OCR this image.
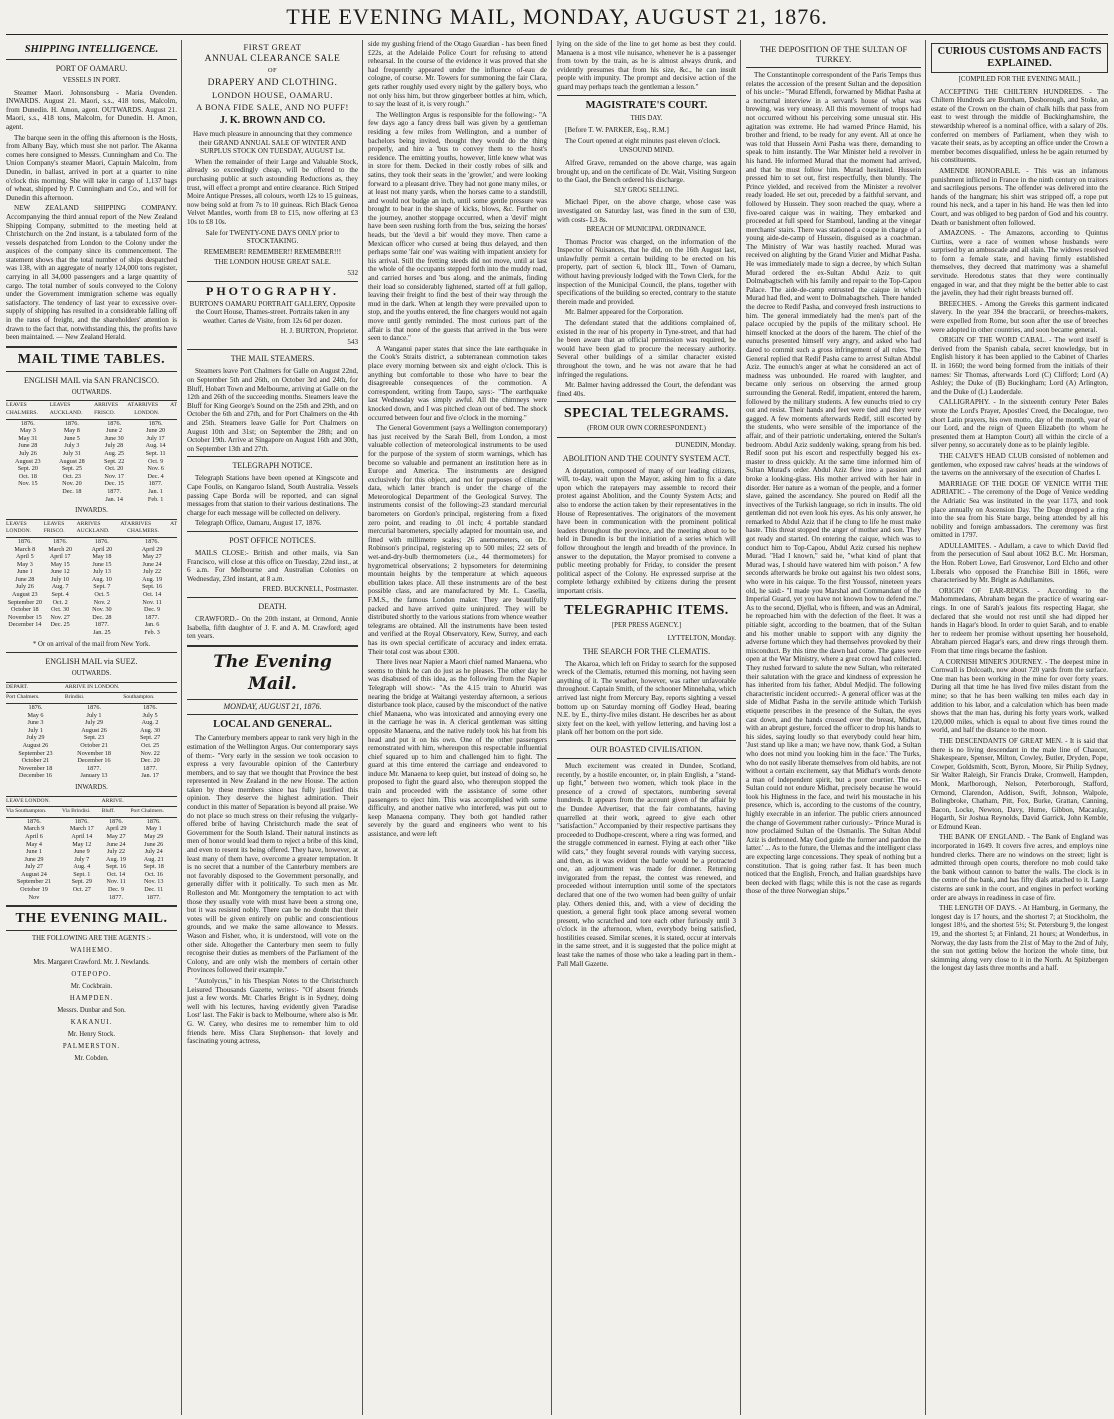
THE EVENING MAIL, MONDAY, AUGUST 21, 1876.
SHIPPING INTELLIGENCE.
PORT OF OAMARU.
VESSELS IN PORT.

Steamer Maori. Johnsonsburg - Maria Ovenden. INWARDS. August 21. Maori, s.s., 418 tons, Malcolm, from Dunedin. H. Amon, agent. OUTWARDS. August 21. Maori, s.s., 418 tons, Malcolm, for Dunedin. H. Amon, agent.

The barque seen in the offing this afternoon is the Hosts, from Albany Bay, which must she not parlor. The Akanna comes here consigned to Messrs. Cunningham and Co. The Union Company's steamer Maori, Captain Malcolm, from Dunedin, in ballast, arrived in port at a quarter to nine o'clock this morning. She will take in cargo of 1,137 bags of wheat, shipped by P. Cunningham and Co., and will for Dunedin this afternoon.

NEW ZEALAND SHIPPING COMPANY. Accompanying the third annual report of the New Zealand Shipping Company, submitted to the meeting held at Christchurch on the 2nd instant, is a tabulated form of the vessels despatched from London to the Colony under the auspices of the company since its commencement. The statement shows that the total number of ships despatched was 138, with an aggregate of nearly 124,000 tons register, carrying in all 34,000 passengers and a large quantity of cargo. The total number of souls conveyed to the Colony under the Government immigration scheme was equally satisfactory. The tendency of last year to excessive over-supply of shipping has resulted in a considerable falling off in the rates of freight, and the shareholders' attention is drawn to the fact that, notwithstanding this, the profits have been maintained. — New Zealand Herald.

MAIL TIME TABLES.
ENGLISH MAIL via SAN FRANCISCO.
OUTWARDS.
LEAVES CHALMERS.	LEAVES AUCKLAND.	ARRIVES AT FRISCO.	ARRIVES AT LONDON.
1876.	1876.	1876.	1876.
May 3	May 8	June 2	June 20
May 31	June 5	June 30	July 17
June 28	July 3	July 28	Aug. 14
July 26	July 31	Aug. 25	Sept. 11
August 23	August 28	Sept. 22	Oct. 9
Sept. 20	Sept. 25	Oct. 20	Nov. 6
Oct. 18	Oct. 23	Nov. 17	Dec. 4
Nov. 15	Nov. 20	Dec. 15	1877.
	Dec. 18	1877.	Jan. 1
		Jan. 14	Feb. 1
INWARDS.
LEAVES LONDON.	LEAVES FRISCO.	ARRIVES AT AUCKLAND.	ARRIVES AT CHALMERS.
1876.	1876.	1876.	1876.
March 8	March 20	April 20	April 29
April 5	April 17	May 18	May 27
May 3	May 15	June 15	June 24
June 1	June 12	July 13	July 22
June 28	July 10	Aug. 10	Aug. 19
July 26	Aug. 7	Sept. 7	Sept. 16
August 23	Sept. 4	Oct. 5	Oct. 14
September 20	Oct. 2	Nov. 2	Nov. 11
October 18	Oct. 30	Nov. 30	Dec. 9
November 15	Nov. 27	Dec. 28	1877.
December 14	Dec. 25	1877.	Jan. 6
		Jan. 25	Feb. 3
* Or on arrival of the mail from New York.
ENGLISH MAIL via SUEZ.
OUTWARDS.
DEPART.	ARRIVE IN LONDON.	
Port Chalmers.	Brindisi.	Southampton.
1876.	1876.	1876.
May 6	July 1	July 5
June 3	July 29	Aug. 2
July 1	August 26	Aug. 30
July 29	Sept. 23	Sept. 27
August 26	October 21	Oct. 25
September 23	November 18	Nov. 22
October 21	December 16	Dec. 20
November 18	1877.	1877.
December 16	January 13	Jan. 17
INWARDS.
LEAVE LONDON.		ARRIVE.	
Via Southampton.	Via Brindisi.	Bluff.	Port Chalmers.
1876.	1876.	1876.	1876.
March 9	March 17	April 29	May 1
April 6	April 14	May 27	May 29
May 4	May 12	June 24	June 26
June 1	June 9	July 22	July 24
June 29	July 7	Aug. 19	Aug. 21
July 27	Aug. 4	Sept. 16	Sept. 18
August 24	Sept. 1	Oct. 14	Oct. 16
September 21	Sept. 29	Nov. 11	Nov. 13
October 19	Oct. 27	Dec. 9	Dec. 11
Nov		1877.	1877.
THE EVENING MAIL.
THE FOLLOWING ARE THE AGENTS :-
WAIHEMO.
Mrs. Margaret Crawford. Mr. J. Newlands.
OTEPOPO.
Mr. Cockbrain.
HAMPDEN.
Messrs. Dunbar and Son.
KAKANUI.
Mr. Henry Stock.
PALMERSTON.
Mr. Cobden.
FIRST GREAT
ANNUAL CLEARANCE SALE
OF
DRAPERY AND CLOTHING.
LONDON HOUSE, OAMARU.
A BONA FIDE SALE, AND NO PUFF!
J. K. BROWN AND CO.

Have much pleasure in announcing that they commence their GRAND ANNUAL SALE OF WINTER AND SURPLUS STOCK ON TUESDAY, AUGUST 1st.

When the remainder of their Large and Valuable Stock, already so exceedingly cheap, will be offered to the purchasing public at such astounding Reductions as, they trust, will effect a prompt and entire clearance. Rich Striped Moire Antique Presses, all colours, worth 12s to 15 guineas, now being sold at from 7s to 10 guineas. Rich Black Genoa Velvet Mantles, worth from £8 to £15, now offering at £3 10s to £8 10s.

Sale for TWENTY-ONE DAYS ONLY prior to STOCKTAKING.

REMEMBER! REMEMBER!! REMEMBER!!!

THE LONDON HOUSE GREAT SALE.

532

PHOTOGRAPHY.

BURTON'S OAMARU PORTRAIT GALLERY, Opposite the Court House, Thames-street. Portraits taken in any weather. Cartes de Visite, from 12s 6d per dozen.

H. J. BURTON, Proprietor.

543

THE MAIL STEAMERS.

Steamers leave Port Chalmers for Galle on August 22nd, on September 5th and 26th, on October 3rd and 24th, for Bluff, Hobart Town and Melbourne, arriving at Galle on the 12th and 26th of the succeeding months. Steamers leave the Bluff for King George's Sound on the 25th and 29th, and on October the 6th and 27th, and for Port Chalmers on the 4th and 25th. Steamers leave Galle for Port Chalmers on August 10th and 31st; on September the 28th; and on October 19th. Arrive at Singapore on August 16th and 30th, on September 13th and 27th.

TELEGRAPH NOTICE.

Telegraph Stations have been opened at Kingscote and Cape Foulis, on Kangaroo Island, South Australia. Vessels passing Cape Borda will be reported, and can signal messages from that station to their various destinations. The charge for each message will be collected on delivery.

Telegraph Office, Oamaru, August 17, 1876.

POST OFFICE NOTICES.

MAILS CLOSE:- British and other mails, via San Francisco, will close at this office on Tuesday, 22nd inst., at 6 a.m. For Melbourne and Australian Colonies on Wednesday, 23rd instant, at 8 a.m.

FRED. BUCKNELL, Postmaster.

DEATH.

CRAWFORD.- On the 20th instant, at Ormond, Annie Isabella, fifth daughter of J. F. and A. M. Crawford; aged ten years.

The Evening Mail.
MONDAY, AUGUST 21, 1876.
LOCAL AND GENERAL.

The Canterbury members appear to rank very high in the estimation of the Wellington Argus. Our contemporary says of them:- "Very early in the session we took occasion to express a very favourable opinion of the Canterbury members, and to say that we thought that Province the best represented in New Zealand in the new House. The action taken by these members since has fully justified this opinion. They deserve the highest admiration. Their conduct in this matter of Separation is beyond all praise. We do not place so much stress on their refusing the vulgarly-offered bribe of having Christchurch made the seat of Government for the South Island. Their natural instincts as men of honor would lead them to reject a bribe of this kind, and even to resent its being offered. They have, however, at least many of them have, overcome a greater temptation. It is no secret that a number of the Canterbury members are not favorably disposed to the Government personally, and generally differ with it politically. To such men as Mr. Rolleston and Mr. Montgomery the temptation to act with those they usually vote with must have been a strong one, but it was resisted nobly. There can be no doubt that their votes will be given entirely on public and conscientious grounds, and we make the same allowance to Messrs. Wason and Fisher, who, it is understood, will vote on the other side. Altogether the Canterbury men seem to fully recognise their duties as members of the Parliament of the Colony, and are only wish the members of certain other Provinces followed their example."

"Autolycus," in his Thespian Notes to the Christchurch Leisured Thousands Gazette, writes:- "Of absent friends just a few words. Mr. Charles Bright is in Sydney, doing well with his lectures, having evidently given 'Paradise Lost' last. The Fakir is back to Melbourne, where also is Mr. G. W. Carey, who desires me to remember him to old friends here. Miss Clara Stephenson- that lovely and fascinating young actress,

side my gushing friend of the Otago Guardian - has been fined £22s, at the Adelaide Police Court for refusing to attend rehearsal. In the course of the evidence it was proved that she had frequently appeared under the influence of-eau de cologne, of course. Mr. Towers for summoning the fair Clara, gets rather roughly used every night by the gallery boys, who not only hiss him, but throw gingerbeer bottles at him, which, to say the least of it, is very rough."

The Wellington Argus is responsible for the following:- "A few days ago a fancy dress ball was given by a gentleman residing a few miles from Wellington, and a number of bachelors being invited, thought they would do the thing properly, and hire a 'bus to convey them to the host's residence. The emitting youths, however, little knew what was in store for them. Decked in their costly robes of silk and satins, they took their seats in the 'growler,' and were looking forward to a pleasant drive. They had not gone many miles, or at least not many yards, when the horses came to a standstill, and would not budge an inch, until some gentle pressure was brought to bear in the shape of kicks, blows, &c. Further on the journey, another stoppage occurred, when a 'devil' might have been seen rushing forth from the 'bus, seizing the horses' heads, but the 'devil a bit' would they move. Then came a Mexican officer who cursed at being thus delayed, and then perhaps some 'fair one' was waiting with impatient anxiety for his arrival. Still the fretting steeds did not move, until at last the whole of the occupants stepped forth into the muddy road, and carried horses and 'bus along, and the animals, finding their load so considerably lightened, started off at full gallop, leaving their freight to find the best of their way through the mud in the dark. When at length they were prevailed upon to stop, and the youths entered, the fine chargers would not again move until gently reminded. The most curious part of the affair is that none of the guests that arrived in the 'bus were seen to dance."

A Wanganui paper states that since the late earthquake in the Cook's Straits district, a subterranean commotion takes place every morning between six and eight o'clock. This is anything but comfortable to those who have to bear the disagreeable consequences of the commotion. A correspondent, writing from Taupo, says:- "The earthquake last Wednesday was simply awful. All the chimneys were knocked down, and I was pitched clean out of bed. The shock occurred between four and five o'clock in the morning."

The General Government (says a Wellington contemporary) has just received by the Sarah Bell, from London, a most valuable collection of meteorological instruments to be used for the purpose of the system of storm warnings, which has become so valuable and permanent an institution here as in Europe and America. The instruments are designed exclusively for this object, and not for purposes of climatic data, which latter branch is under the charge of the Meteorological Department of the Geological Survey. The instruments consist of the following:-23 standard mercurial barometers on Gordon's principal, registering from a fixed zero point, and reading to .01 inch; 4 portable standard mercurial barometers, specially adapted for mountain use, and fitted with millimetre scales; 26 anemometers, on Dr. Robinson's principal, registering up to 500 miles; 22 sets of wet-and-dry-bulb thermometers (i.e., 44 thermometers) for hygrometrical observations; 2 hypsometers for determining mountain heights by the temperature at which aqueous ebullition takes place. All these instruments are of the best possible class, and are manufactured by Mr. L. Casella, F.M.S., the famous London maker. They are beautifully packed and have arrived quite uninjured. They will be distributed shortly to the various stations from whence weather telegrams are obtained. All the instruments have been tested and verified at the Royal Observatory, Kew, Surrey, and each has its own special certificate of accuracy and index errata. Their total cost was about £300.

There lives near Napier a Maori chief named Manaena, who seems to think he can do just as he pleases. The other day he was disabused of this idea, as the following from the Napier Telegraph will show:- "As the 4.15 train to Ahuriri was nearing the bridge at Waitangi yesterday afternoon, a serious disturbance took place, caused by the misconduct of the native chief Manaena, who was intoxicated and annoying every one in the carriage he was in. A clerical gentleman was sitting opposite Manaena, and the native rudely took his hat from his head and put it on his own. One of the other passengers remonstrated with him, whereupon this respectable influential chief squared up to him and challenged him to fight. The guard at this time entered the carriage and endeavored to induce Mr. Manaena to keep quiet, but instead of doing so, he proposed to fight the guard also, who thereupon stopped the train and proceeded with the assistance of some other passengers to eject him. This was accomplished with some difficulty, and another native who interfered, was put out to keep Manaena company. They both got handled rather severely by the guard and engineers who went to his assistance, and were left

lying on the side of the line to get home as best they could. Manaena is a most vile nuisance, whenever he is a passenger from town by the train, as he is almost always drunk, and evidently presumes that from his size, &c., he can insult people with impunity. The prompt and decisive action of the guard may perhaps teach the gentleman a lesson."

MAGISTRATE'S COURT.
THIS DAY.

[Before T. W. PARKER, Esq., R.M.]

The Court opened at eight minutes past eleven o'clock.

UNSOUND MIND.

Alfred Grave, remanded on the above charge, was again brought up, and on the certificate of Dr. Wait, Visiting Surgeon to the Gaol, the Bench ordered his discharge.

SLY GROG SELLING.

Michael Piper, on the above charge, whose case was investigated on Saturday last, was fined in the sum of £30, with costs- L3 8s.

BREACH OF MUNICIPAL ORDINANCE.

Thomas Proctor was charged, on the information of the Inspector of Nuisances, that he did, on the 16th August last, unlawfully permit a certain building to be erected on his property, part of section 6, block III., Town of Oamaru, without having previously lodged with the Town Clerk, for the inspection of the Municipal Council, the plans, together with specifications of the building so erected, contrary to the statute therein made and provided.

Mr. Balmer appeared for the Corporation.

The defendant stated that the additions complained of, existed in the rear of his property in Tyne-street, and that had he been aware that an official permission was required, he would have been glad to procure the necessary authority. Several other buildings of a similar character existed throughout the town, and he was not aware that he had infringed the regulations.

Mr. Balmer having addressed the Court, the defendant was fined 40s.

SPECIAL TELEGRAMS.
(FROM OUR OWN CORRESPONDENT.)

DUNEDIN, Monday.

ABOLITION AND THE COUNTY SYSTEM ACT.

A deputation, composed of many of our leading citizens, will, to-day, wait upon the Mayor, asking him to fix a date upon which the ratepayers may assemble to record their protest against Abolition, and the County System Acts; and also to endorse the action taken by their representatives in the House of Representatives. The originators of the movement have been in communication with the prominent political leaders throughout the province, and the meeting about to be held in Dunedin is but the initiation of a series which will follow throughout the length and breadth of the province. In answer to the deputation, the Mayor promised to convene a public meeting probably for Friday, to consider the present political aspect of the Colony. He expressed surprise at the complete lethargy exhibited by citizens during the present important crisis.

TELEGRAPHIC ITEMS.
[PER PRESS AGENCY.]

LYTTELTON, Monday.

THE SEARCH FOR THE CLEMATIS.

The Akaroa, which left on Friday to search for the supposed wreck of the Clematis, returned this morning, not having seen anything of it. The weather, however, was rather unfavorable throughout. Captain Smith, of the schooner Minnehaha, which arrived last night from Mercury Bay, reports sighting a vessel bottom up on Saturday morning off Godley Head, bearing N.E. by E., thirty-five miles distant. He describes her as about sixty feet on the keel, with yellow lettering, and having lost a plank off her bottom on the port side.

OUR BOASTED CIVILISATION.

Much excitement was created in Dundee, Scotland, recently, by a hostile encounter, or, in plain English, a "stand-up fight," between two women, which took place in the presence of a crowd of spectators, numbering several hundreds. It appears from the account given of the affair by the Dundee Advertiser, that the fair combatants, having quarrelled at their work, agreed to give each other "satisfaction." Accompanied by their respective partisans they proceeded to Dudhope-crescent, where a ring was formed, and the struggle commenced in earnest. Flying at each other "like wild cats," they fought several rounds with varying success, and then, as it was evident the battle would be a protracted one, an adjournment was made for dinner. Returning invigorated from the repast, the contest was renewed, and proceeded without interruption until some of the spectators declared that one of the two women had been guilty of unfair play. Others denied this, and, with a view of deciding the question, a general fight took place among several women present, who scratched and tore each other furiously until 3 o'clock in the afternoon, when, everybody being satisfied, hostilities ceased. Similar scenes, it is stated, occur at intervals in the same street, and it is suggested that the police might at least take the names of those who take a leading part in them.- Pall Mall Gazette.

THE DEPOSITION OF THE SULTAN OF TURKEY.

The Constantinople correspondent of the Paris Temps thus relates the accession of the present Sultan and the deposition of his uncle:- "Murad Effendi, forwarned by Midhat Pasha at a nocturnal interview in a servant's house of what was brewing, was very uneasy. All this movement of troops had not occurred without his perceiving some unusual stir. His agitation was extreme. He had warned Prince Hamid, his brother and friend, to be ready for any event. All at once he was told that Hussein Avni Pasha was there, demanding to speak to him instantly. The War Minister held a revolver in his hand. He informed Murad that the moment had arrived, and that he must follow him. Murad hesitated. Hussein pressed him to set out, first respectfully, then bluntly. The Prince yielded, and received from the Minister a revolver ready loaded. He set out, preceded by a faithful servant, and followed by Hussein. They soon reached the quay, where a five-oared caique was in waiting. They embarked and proceeded at full speed for Stamboul, landing at the vinegar merchants' stairs. There was stationed a coupe in charge of a young aide-de-camp of Hussein, disguised as a coachman. The Ministry of War was hastily reached. Murad was received on alighting by the Grand Vizier and Midhat Pasha. He was immediately made to sign a decree, by which Sultan Murad ordered the ex-Sultan Abdul Aziz to quit Dolmabagtscheh with his family and repair to the Top-Capou Palace. The aide-de-camp entrusted the caique in which Murad had fled, and went to Dolmabagtscheh. There handed the decree to Redif Pasha, and conveyed fresh instructions to him. The general immediately had the men's part of the palace occupied by the pupils of the military school. He himself knocked at the doors of the harem. The chief of the eunuchs presented himself very angry, and asked who had dared to commit such a gross infringement of all rules. The General replied that Redif Pasha came to arrest Sultan Abdul Aziz. The eunuch's anger at what he considered an act of madness was unbounded. He roared with laughter, and became only serious on observing the armed group surrounding the General. Redif, impatient, entered the harem, followed by the military students. A few eunuchs tried to cry out and resist. Their hands and feet were tied and they were gagged. A few moments afterwards Redif, still escorted by the students, who were sensible of the importance of the affair, and of their patriotic undertaking, entered the Sultan's bedroom. Abdul Aziz suddenly waking, sprang from his bed. Redif soon put his escort and respectfully begged his ex-master to dress quickly. At the same time informed him of Sultan Murad's order. Abdul Aziz flew into a passion and broke a looking-glass. His mother arrived with her hair in disorder. Her nature as a woman of the people, and a former slave, gained the ascendancy. She poured on Redif all the invectives of the Turkish language, so rich in insults. The old gentleman did not even look his eyes. As his only answer, he remarked to Abdul Aziz that if he clung to life he must make haste. This threat stopped the anger of mother and son. They got ready and started. On entering the caique, which was to conduct him to Top-Capou, Abdul Aziz cursed his nephew Murad. "Had I known," said he, "what kind of plant that Murad was, I should have watered him with poison." A few seconds afterwards he broke out against his two oldest sons, who were in his caique. To the first Youssof, nineteen years old, he said:- "I made you Marshal and Commandant of the Imperial Guard, yet you have not known how to defend me." As to the second, Djellal, who is fifteen, and was an Admiral, he reproached him with the defection of the fleet. It was a pitiable sight, according to the boatmen, that of the Sultan and his mother unable to support with any dignity the adverse fortune which they had themselves provoked by their misconduct. By this time the dawn had come. The gates were open at the War Ministry, where a great crowd had collected. They rushed forward to salute the new Sultan, who reiterated their salutation with the grace and kindness of expression he has inherited from his father, Abdul Medjid. The following characteristic incident occurred:- A general officer was at the side of Midhat Pasha in the servile attitude which Turkish etiquette prescribes in the presence of the Sultan, the eyes cast down, and the hands crossed over the breast, Midhat, with an abrupt gesture, forced the officer to drop his hands to his sides, saying loudly so that everybody could hear him, 'Just stand up like a man; we have now, thank God, a Sultan who does not mind you looking him in the face.' The Turks, who do not easily liberate themselves from old habits, are not without a certain excitement, say that Midhat's words denote a man of independent spirit, but a poor courtier. The ex-Sultan could not endure Midhat, precisely because he would look his Highness in the face, and twirl his moustache in his presence, which is, according to the customs of the country, highly execrable in an inferior. The public criers announced the change of Government rather curiously:- 'Prince Murad is now proclaimed Sultan of the Osmanlis. The Sultan Abdul Aziz is dethroned. May God guide the former and pardon the latter.' ... As to the future, the Ulemas and the intelligent class are expecting large concessions. They speak of nothing but a constitution. That is going rather fast. It has been much noticed that the English, French, and Italian guardships have been decked with flags; while this is not the case as regards those of the three Norwegian ships."

CURIOUS CUSTOMS AND FACTS EXPLAINED.
[COMPILED FOR THE EVENING MAIL.]

ACCEPTING THE CHILTERN HUNDREDS. - The Chiltern Hundreds are Burnham, Desborough, and Stoke, an estate of the Crown on the chain of chalk hills that pass from east to west through the middle of Buckinghamshire, the stewardship whereof is a nominal office, with a salary of 20s. conferred on members of Parliament, when they wish to vacate their seats, as by accepting an office under the Crown a member becomes disqualified, unless he be again returned by his constituents.

AMENDE HONORABLE. - This was an infamous punishment inflicted in France in the ninth century on traitors and sacrilegious persons. The offender was delivered into the hands of the hangman; his shirt was stripped off, a rope put round his neck, and a taper in his hand. He was then led into Court, and was obliged to beg pardon of God and his country. Death or banishment often followed.

AMAZONS. - The Amazons, according to Quintus Curtius, were a race of women whose husbands were surprised by an ambuscade and all slain. The widows resolved to form a female state, and having firmly established themselves, they decreed that matrimony was a shameful servitude. Herodotus states that they were continually engaged in war, and that they might be the better able to cast the javelin, they had their right breasts burned off.

BREECHES. - Among the Greeks this garment indicated slavery. In the year 394 the braccarii, or breeches-makers, were expelled from Rome, but soon after the use of breeches were adopted in other countries, and soon became general.

ORIGIN OF THE WORD CABAL. - The word itself is derived from the Spanish cabala, secret knowledge, but in English history it has been applied to the Cabinet of Charles II. in 1660; the word being formed from the initials of their names: Sir Thomas, afterwards Lord (C) Clifford; Lord (A) Ashley; the Duke of (B) Buckingham; Lord (A) Arlington, and the Duke of (L) Lauderdale.

CALLIGRAPHY. - In the sixteenth century Peter Bales wrote the Lord's Prayer, Apostles' Creed, the Decalogue, two short Latin prayers, his own motto, day of the month, year of our Lord, and the reign of Queen Elizabeth (to whom he presented them at Hampton Court) all within the circle of a silver penny, so accurately done as to be plainly legible.

THE CALVE'S HEAD CLUB consisted of noblemen and gentlemen, who exposed raw calves' heads at the windows of the taverns on the anniversary of the execution of Charles I.

MARRIAGE OF THE DOGE OF VENICE WITH THE ADRIATIC. - The ceremony of the Doge of Venice wedding the Adriatic Sea was instituted in the year 1173, and took place annually on Ascension Day. The Doge dropped a ring into the sea from his State barge, being attended by all his nobility and foreign ambassadors. The ceremony was first omitted in 1797.

ADULLAMITES. - Adullam, a cave to which David fled from the persecution of Saul about 1062 B.C. Mr. Horsman, the Hon. Robert Lowe, Earl Grosvenor, Lord Elcho and other Liberals who opposed the Franchise Bill in 1866, were characterised by Mr. Bright as Adullamites.

ORIGIN OF EAR-RINGS. - According to the Mahommedans, Abraham began the practice of wearing ear-rings. In one of Sarah's jealous fits respecting Hagar, she declared that she would not rest until she had dipped her hands in Hagar's blood. In order to quiet Sarah, and to enable her to redeem her promise without upsetting her household, Abraham pierced Hagar's ears, and drew rings through them. From that time rings became the fashion.

A CORNISH MINER'S JOURNEY. - The deepest mine in Cornwall is Dolcoath, now about 720 yards from the surface. One man has been working in the mine for over forty years. During all that time he has lived five miles distant from the mine; so that he has been walking ten miles each day in addition to his labor, and a calculation which has been made shows that the man has, during his forty years work, walked 120,000 miles, which is equal to about five times round the world, and half the distance to the moon.

THE DESCENDANTS OF GREAT MEN. - It is said that there is no living descendant in the male line of Chaucer, Shakespeare, Spenser, Milton, Cowley, Butler, Dryden, Pope, Cowper, Goldsmith, Scott, Byron, Moore, Sir Philip Sydney, Sir Walter Raleigh, Sir Francis Drake, Cromwell, Hampden, Monk, Marlborough, Nelson, Peterborough, Stafford, Ormond, Clarendon, Addison, Swift, Johnson, Walpole, Bolingbroke, Chatham, Pitt, Fox, Burke, Grattan, Canning, Bacon, Locke, Newton, Davy, Hume, Gibbon, Macaulay, Hogarth, Sir Joshua Reynolds, David Garrick, John Kemble, or Edmund Kean.

THE BANK OF ENGLAND. - The Bank of England was incorporated in 1649. It covers five acres, and employs nine hundred clerks. There are no windows on the street; light is admitted through open courts, therefore no mob could take the bank without cannon to batter the walls. The clock is in the centre of the bank, and has fifty dials attached to it. Large cisterns are sunk in the court, and engines in perfect working order are always in readiness in case of fire.

THE LENGTH OF DAYS. - At Hamburg, in Germany, the longest day is 17 hours, and the shortest 7; at Stockholm, the longest 18½, and the shortest 5½; St. Petersburg 9, the longest 19, and the shortest 5; at Finland, 21 hours; at Wonderhus, in Norway, the day lasts from the 21st of May to the 2nd of July, the sun not getting below the horizon the whole time, but skimming along very close to it in the North. At Spitzbergen the longest day lasts three months and a half.
